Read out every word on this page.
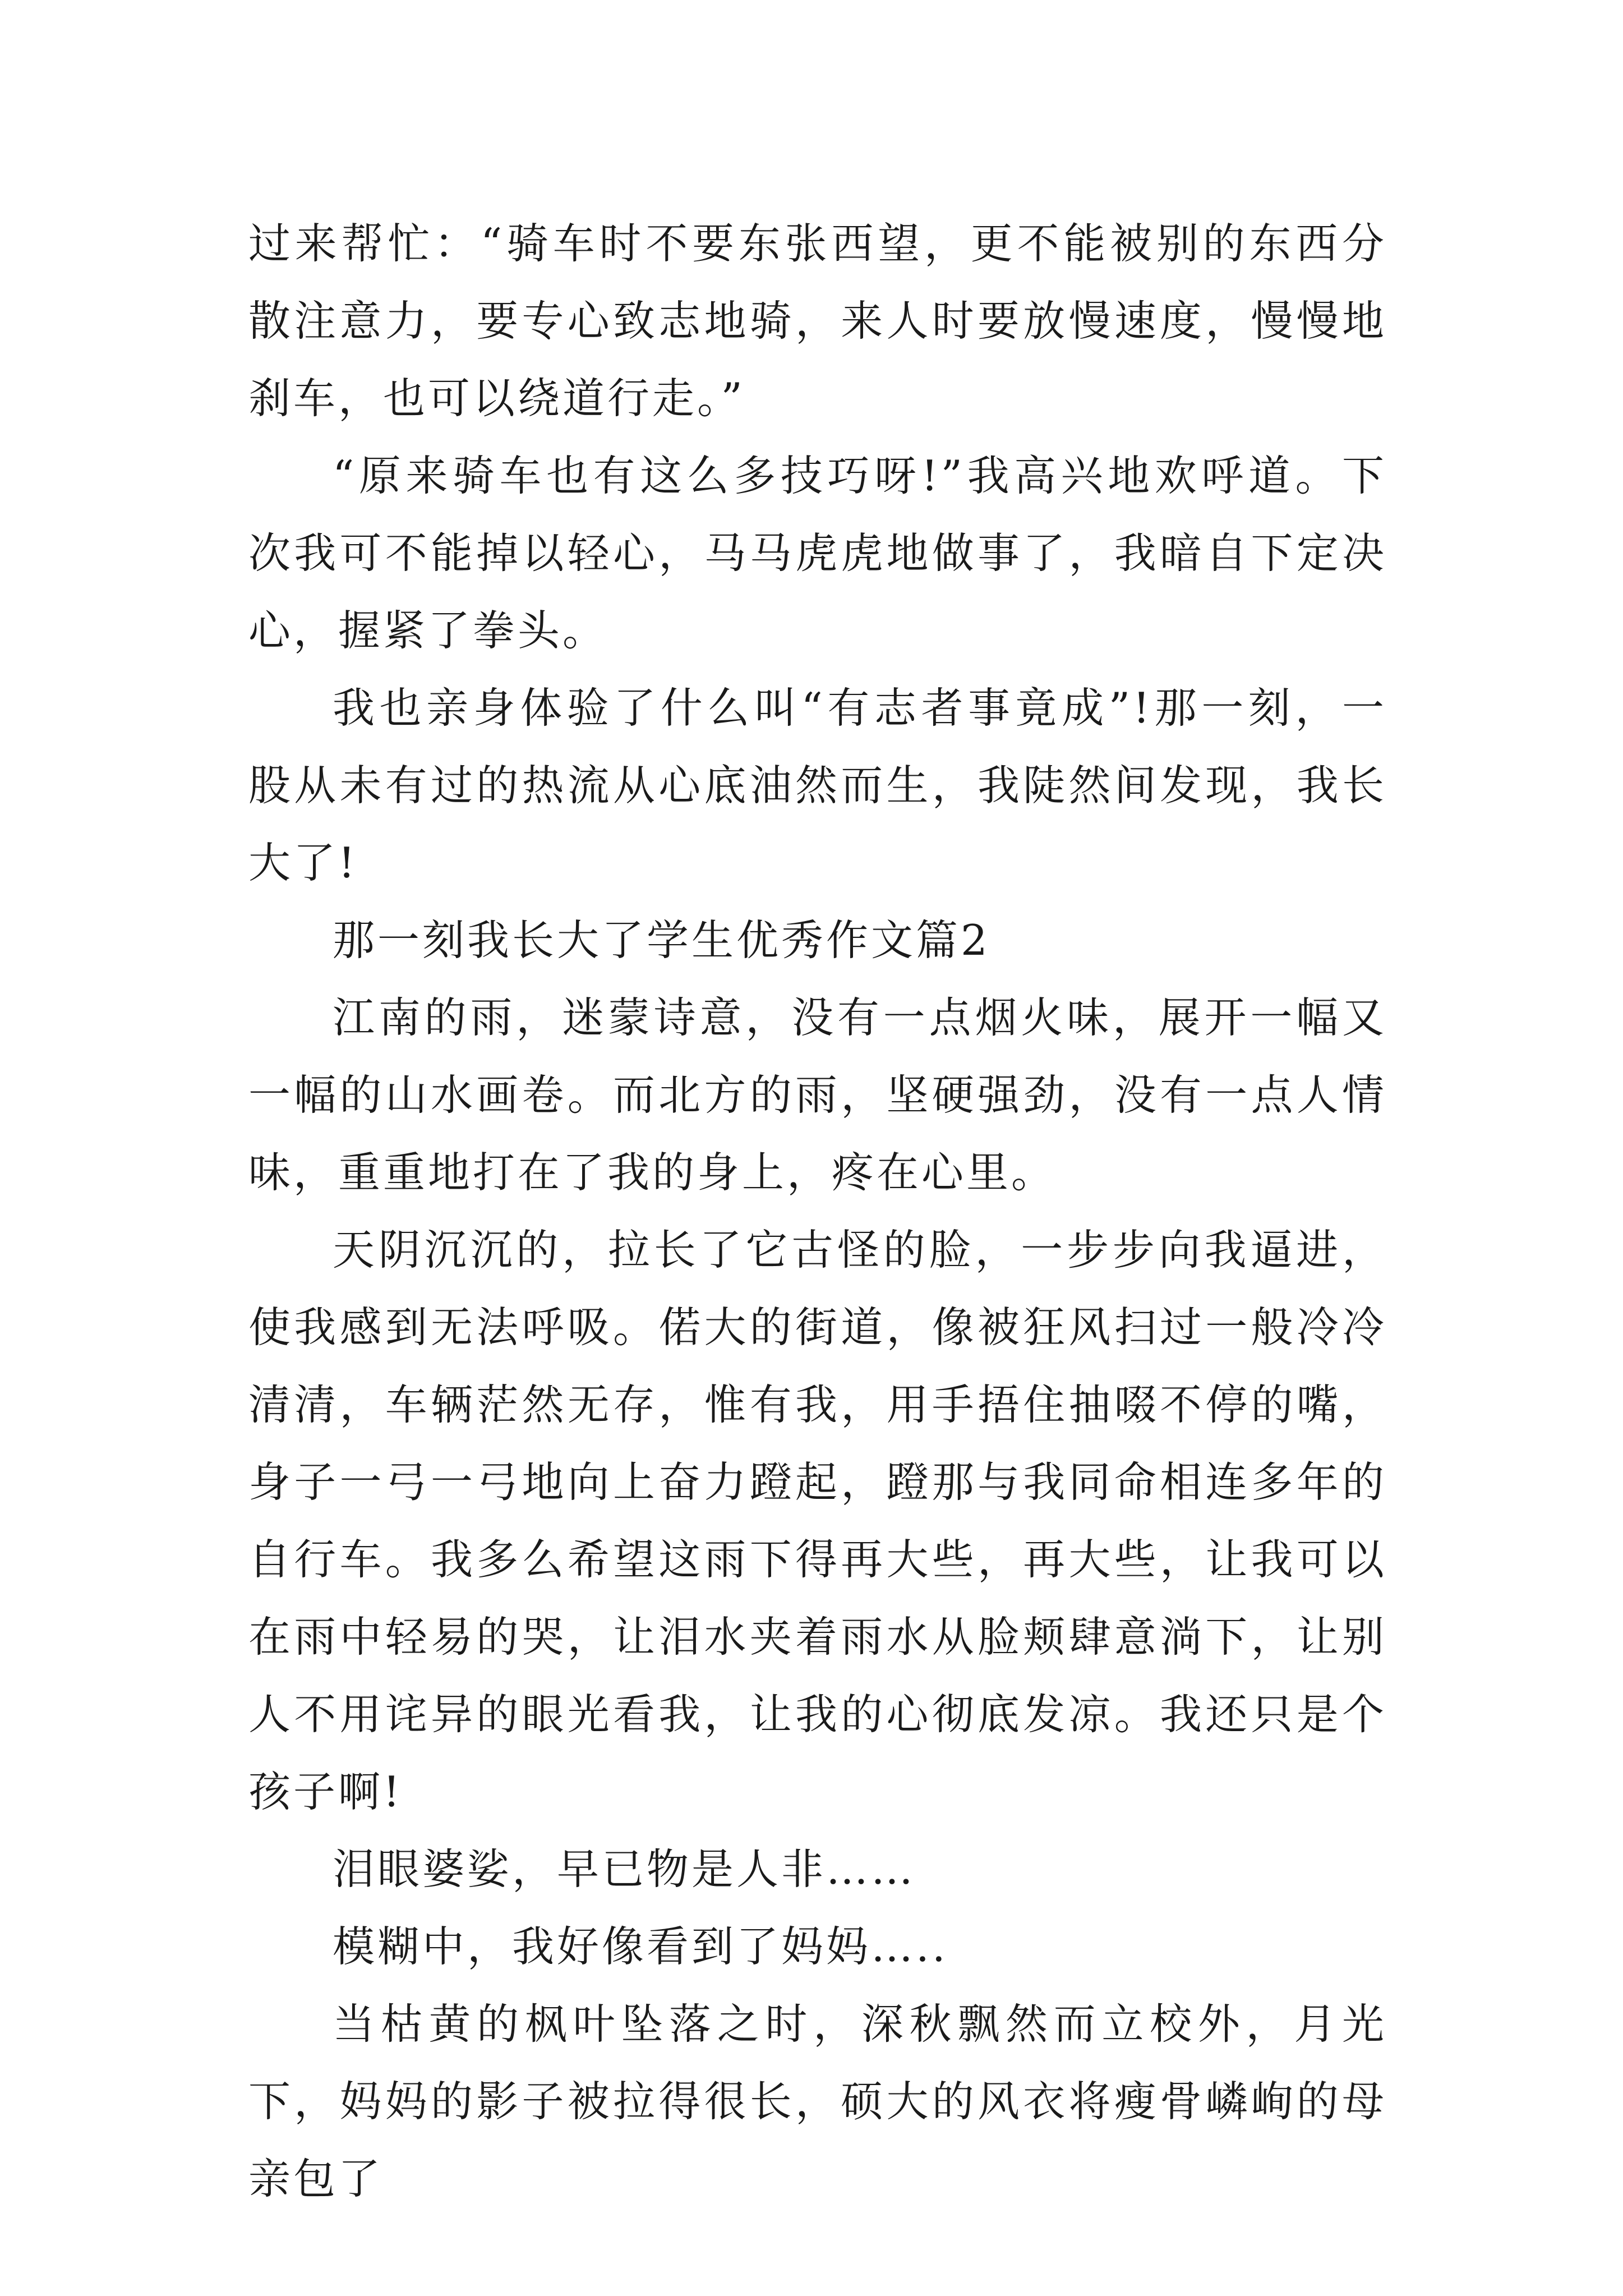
过来帮忙：“骑车时不要东张西望，更不能被别的东西分散注意力，要专心致志地骑，来人时要放慢速度，慢慢地刹车，也可以绕道行走。”

“原来骑车也有这么多技巧呀!”我高兴地欢呼道。下次我可不能掉以轻心，马马虎虎地做事了，我暗自下定决心，握紧了拳头。

我也亲身体验了什么叫“有志者事竟成”!那一刻，一股从未有过的热流从心底油然而生，我陡然间发现，我长大了!

那一刻我长大了学生优秀作文篇2

江南的雨，迷蒙诗意，没有一点烟火味，展开一幅又一幅的山水画卷。而北方的雨，坚硬强劲，没有一点人情味，重重地打在了我的身上，疼在心里。

天阴沉沉的，拉长了它古怪的脸，一步步向我逼进，使我感到无法呼吸。偌大的街道，像被狂风扫过一般冷冷清清，车辆茫然无存，惟有我，用手捂住抽啜不停的嘴，身子一弓一弓地向上奋力蹬起，蹬那与我同命相连多年的自行车。我多么希望这雨下得再大些，再大些，让我可以在雨中轻易的哭，让泪水夹着雨水从脸颊肆意淌下，让别人不用诧异的眼光看我，让我的心彻底发凉。我还只是个孩子啊!

泪眼婆娑，早已物是人非……

模糊中，我好像看到了妈妈…..

当枯黄的枫叶坠落之时，深秋飘然而立校外，月光下，妈妈的影子被拉得很长，硕大的风衣将瘦骨嶙峋的母亲包了
